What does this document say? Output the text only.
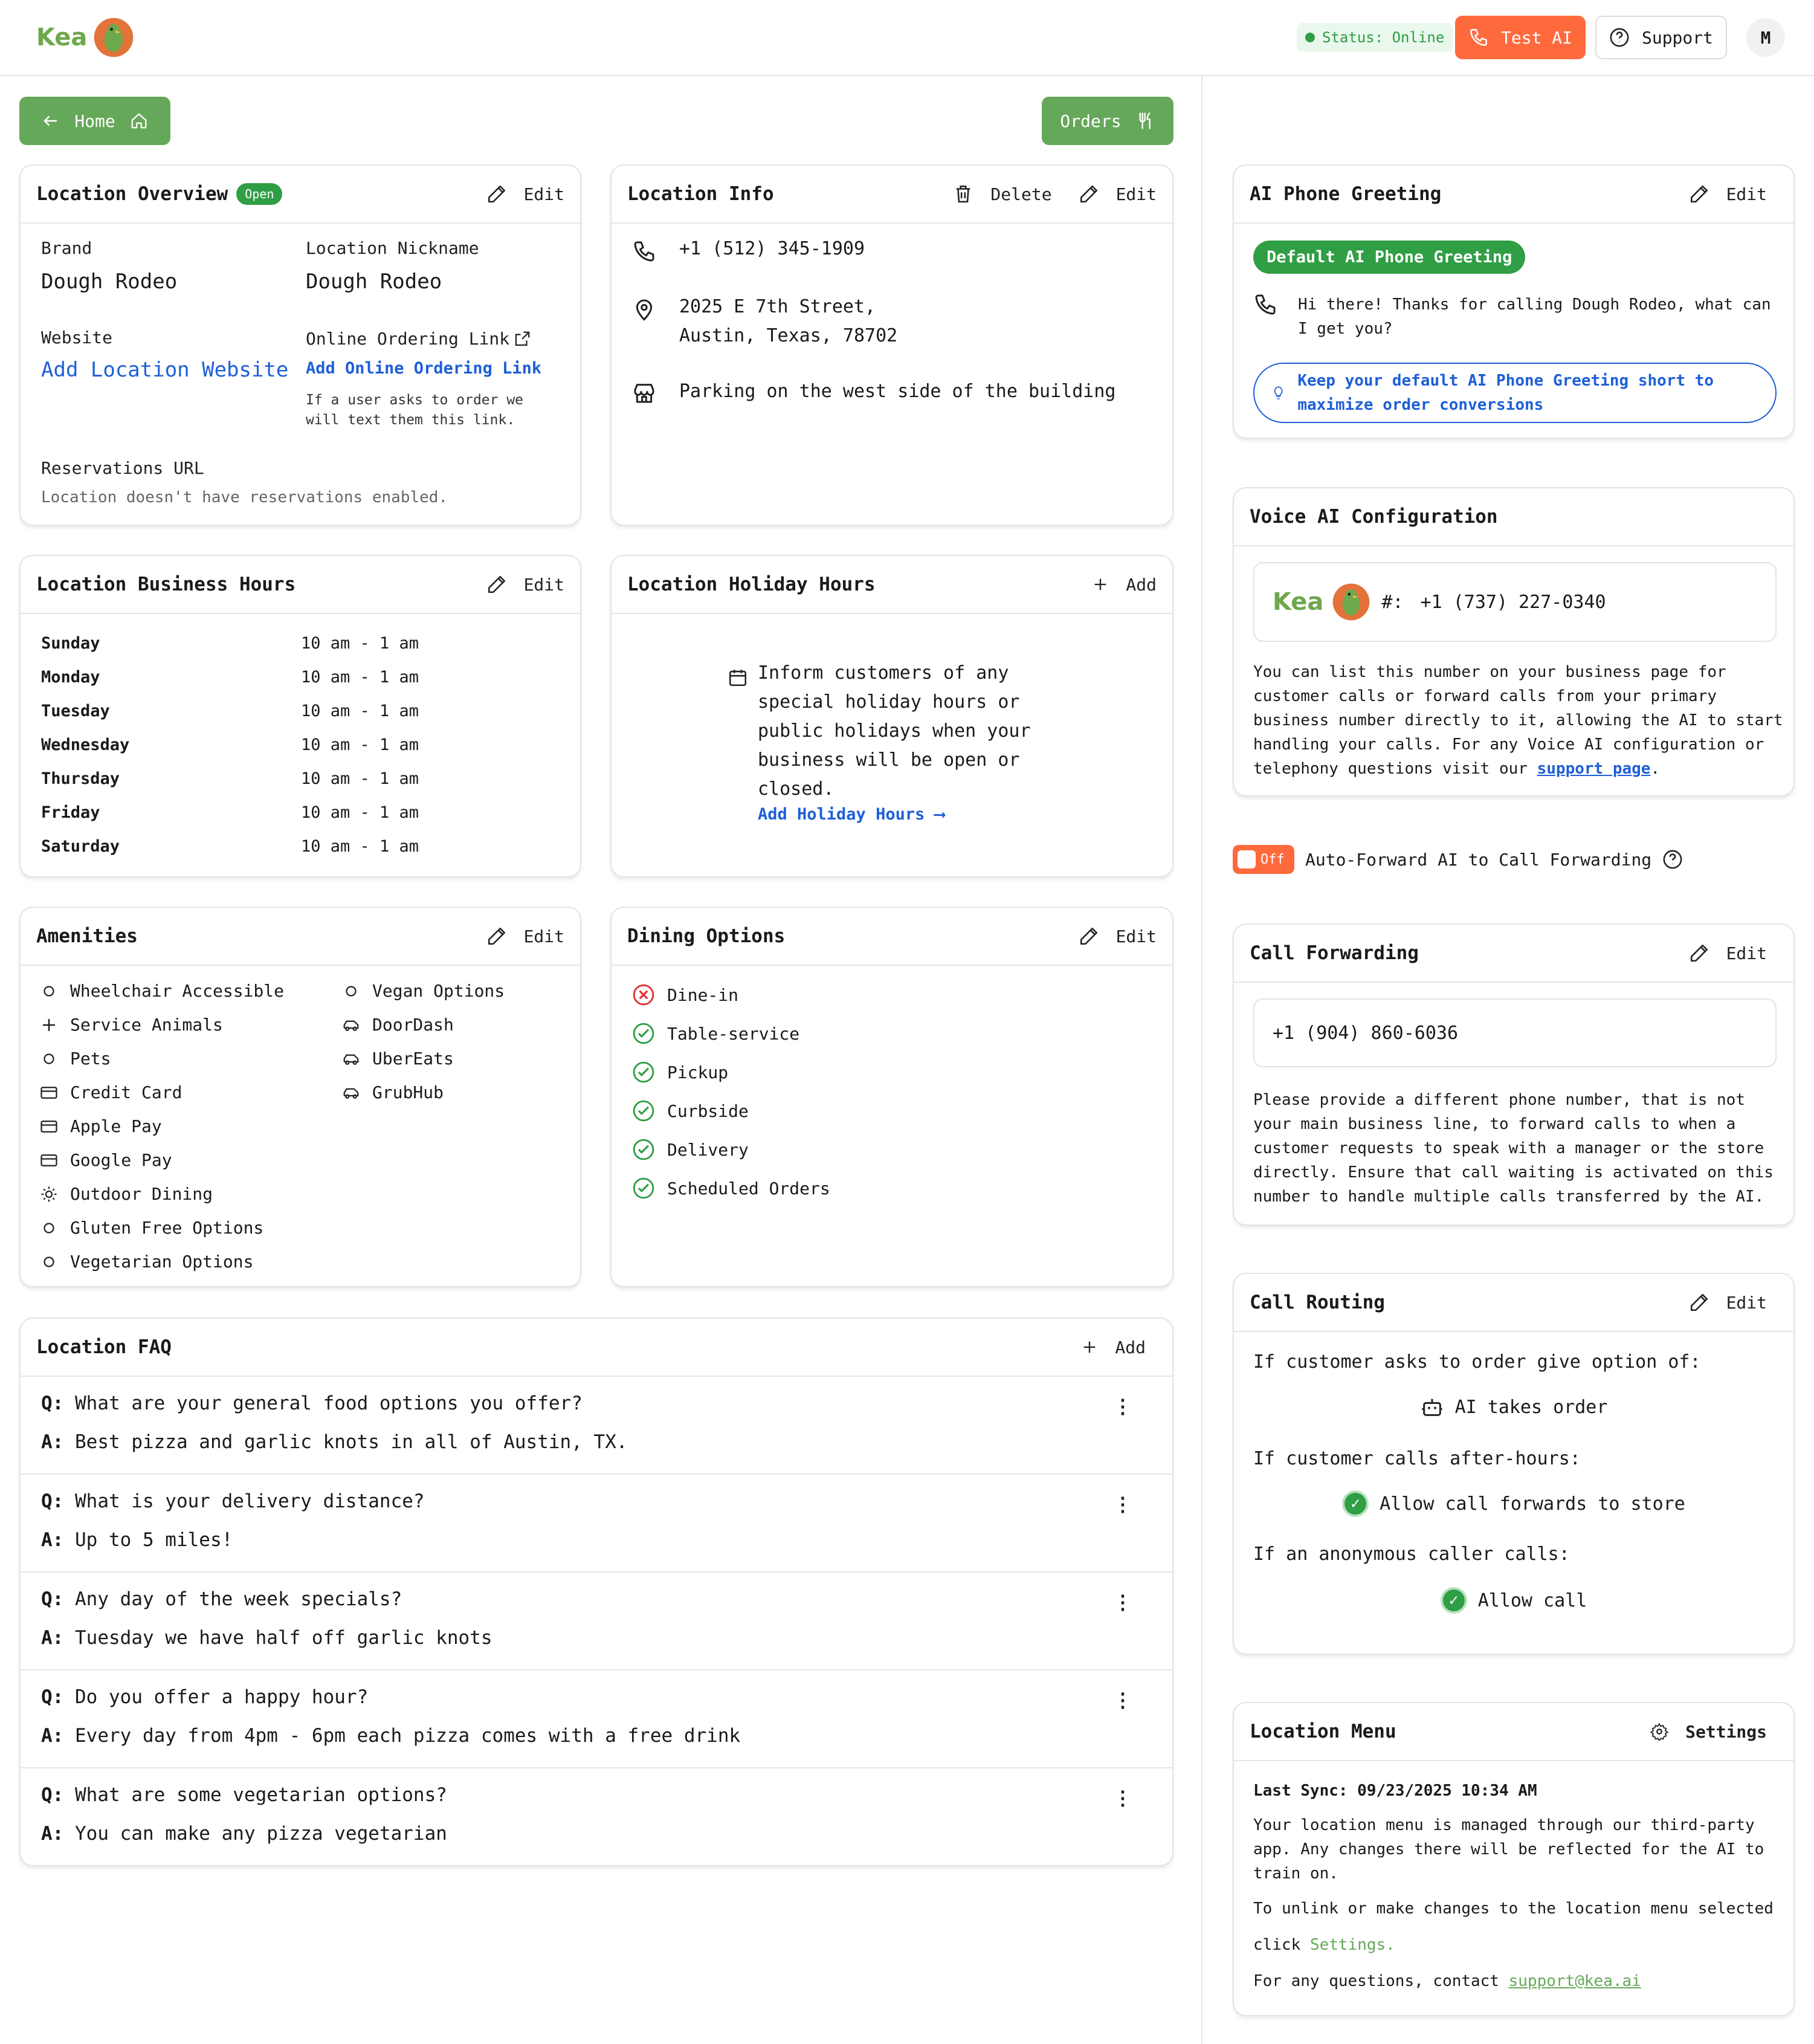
Kea	Status: Online	Test AI	Support	M
Home	Orders
Location Overview	Open	Edit
Brand
Dough Rodeo
Location Nickname
Dough Rodeo
Website
Add Location Website
Online Ordering Link
Add Online Ordering Link
If a user asks to order we will text them this link.
Reservations URL
Location doesn't have reservations enabled.
Location Info	Delete	Edit
+1 (512) 345-1909
2025 E 7th Street,
Austin, Texas, 78702
Parking on the west side of the building
Location Business Hours	Edit
Sunday	10 am - 1 am
Monday	10 am - 1 am
Tuesday	10 am - 1 am
Wednesday	10 am - 1 am
Thursday	10 am - 1 am
Friday	10 am - 1 am
Saturday	10 am - 1 am
Location Holiday Hours	Add
Inform customers of any
special holiday hours or
public holidays when your
business will be open or
closed.
Add Holiday Hours ⟶
Amenities	Edit
Wheelchair Accessible
Service Animals
Pets
Credit Card
Apple Pay
Google Pay
Outdoor Dining
Gluten Free Options
Vegetarian Options
Vegan Options
DoorDash
UberEats
GrubHub
Dining Options	Edit
Dine-in
Table-service
Pickup
Curbside
Delivery
Scheduled Orders
Location FAQ	Add
Q: What are your general food options you offer?
A: Best pizza and garlic knots in all of Austin, TX.
⋮
Q: What is your delivery distance?
A: Up to 5 miles!
⋮
Q: Any day of the week specials?
A: Tuesday we have half off garlic knots
⋮
Q: Do you offer a happy hour?
A: Every day from 4pm - 6pm each pizza comes with a free drink
⋮
Q: What are some vegetarian options?
A: You can make any pizza vegetarian
⋮
AI Phone Greeting	Edit
Default AI Phone Greeting
Hi there! Thanks for calling Dough Rodeo, what can I get you?
Keep your default AI Phone Greeting short to maximize order conversions
Voice AI Configuration
Kea	#: +1 (737) 227-0340

You can list this number on your business page for customer calls or forward calls from your primary business number directly to it, allowing the AI to start handling your calls. For any Voice AI configuration or telephony questions visit our support page.

Off Auto-Forward AI to Call Forwarding
Call Forwarding	Edit
+1 (904) 860-6036

Please provide a different phone number, that is not your main business line, to forward calls to when a customer requests to speak with a manager or the store directly. Ensure that call waiting is activated on this number to handle multiple calls transferred by the AI.

Call Routing	Edit
If customer asks to order give option of:
AI takes order
If customer calls after-hours:
✓	Allow call forwards to store
If an anonymous caller calls:
✓	Allow call
Location Menu	Settings
Last Sync: 09/23/2025 10:34 AM

Your location menu is managed through our third-party app. Any changes there will be reflected for the AI to train on.

To unlink or make changes to the location menu selected

click Settings.

For any questions, contact support@kea.ai
